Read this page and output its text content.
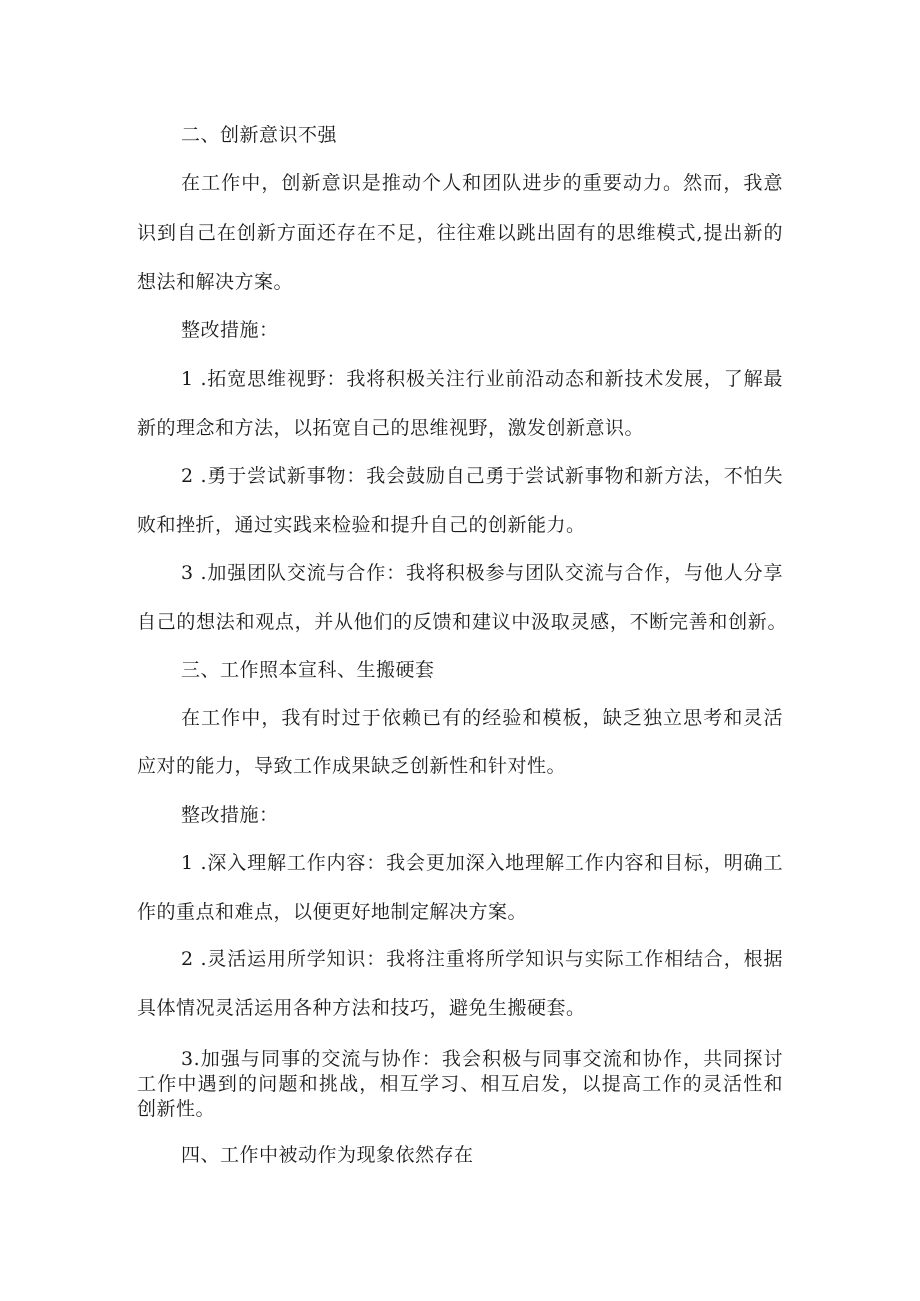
二、创新意识不强

在工作中，创新意识是推动个人和团队进步的重要动力。然而，我意

识到自己在创新方面还存在不足，往往难以跳出固有的思维模式,提出新的

想法和解决方案。

整改措施：

1 .拓宽思维视野：我将积极关注行业前沿动态和新技术发展，了解最

新的理念和方法，以拓宽自己的思维视野，激发创新意识。

2 .勇于尝试新事物：我会鼓励自己勇于尝试新事物和新方法，不怕失

败和挫折，通过实践来检验和提升自己的创新能力。

3 .加强团队交流与合作：我将积极参与团队交流与合作，与他人分享

自己的想法和观点，并从他们的反馈和建议中汲取灵感，不断完善和创新。

三、工作照本宣科、生搬硬套

在工作中，我有时过于依赖已有的经验和模板，缺乏独立思考和灵活

应对的能力，导致工作成果缺乏创新性和针对性。

整改措施：

1 .深入理解工作内容：我会更加深入地理解工作内容和目标，明确工

作的重点和难点，以便更好地制定解决方案。

2 .灵活运用所学知识：我将注重将所学知识与实际工作相结合，根据

具体情况灵活运用各种方法和技巧，避免生搬硬套。

3.加强与同事的交流与协作：我会积极与同事交流和协作，共同探讨

工作中遇到的问题和挑战，相互学习、相互启发，以提高工作的灵活性和

创新性。

四、工作中被动作为现象依然存在
